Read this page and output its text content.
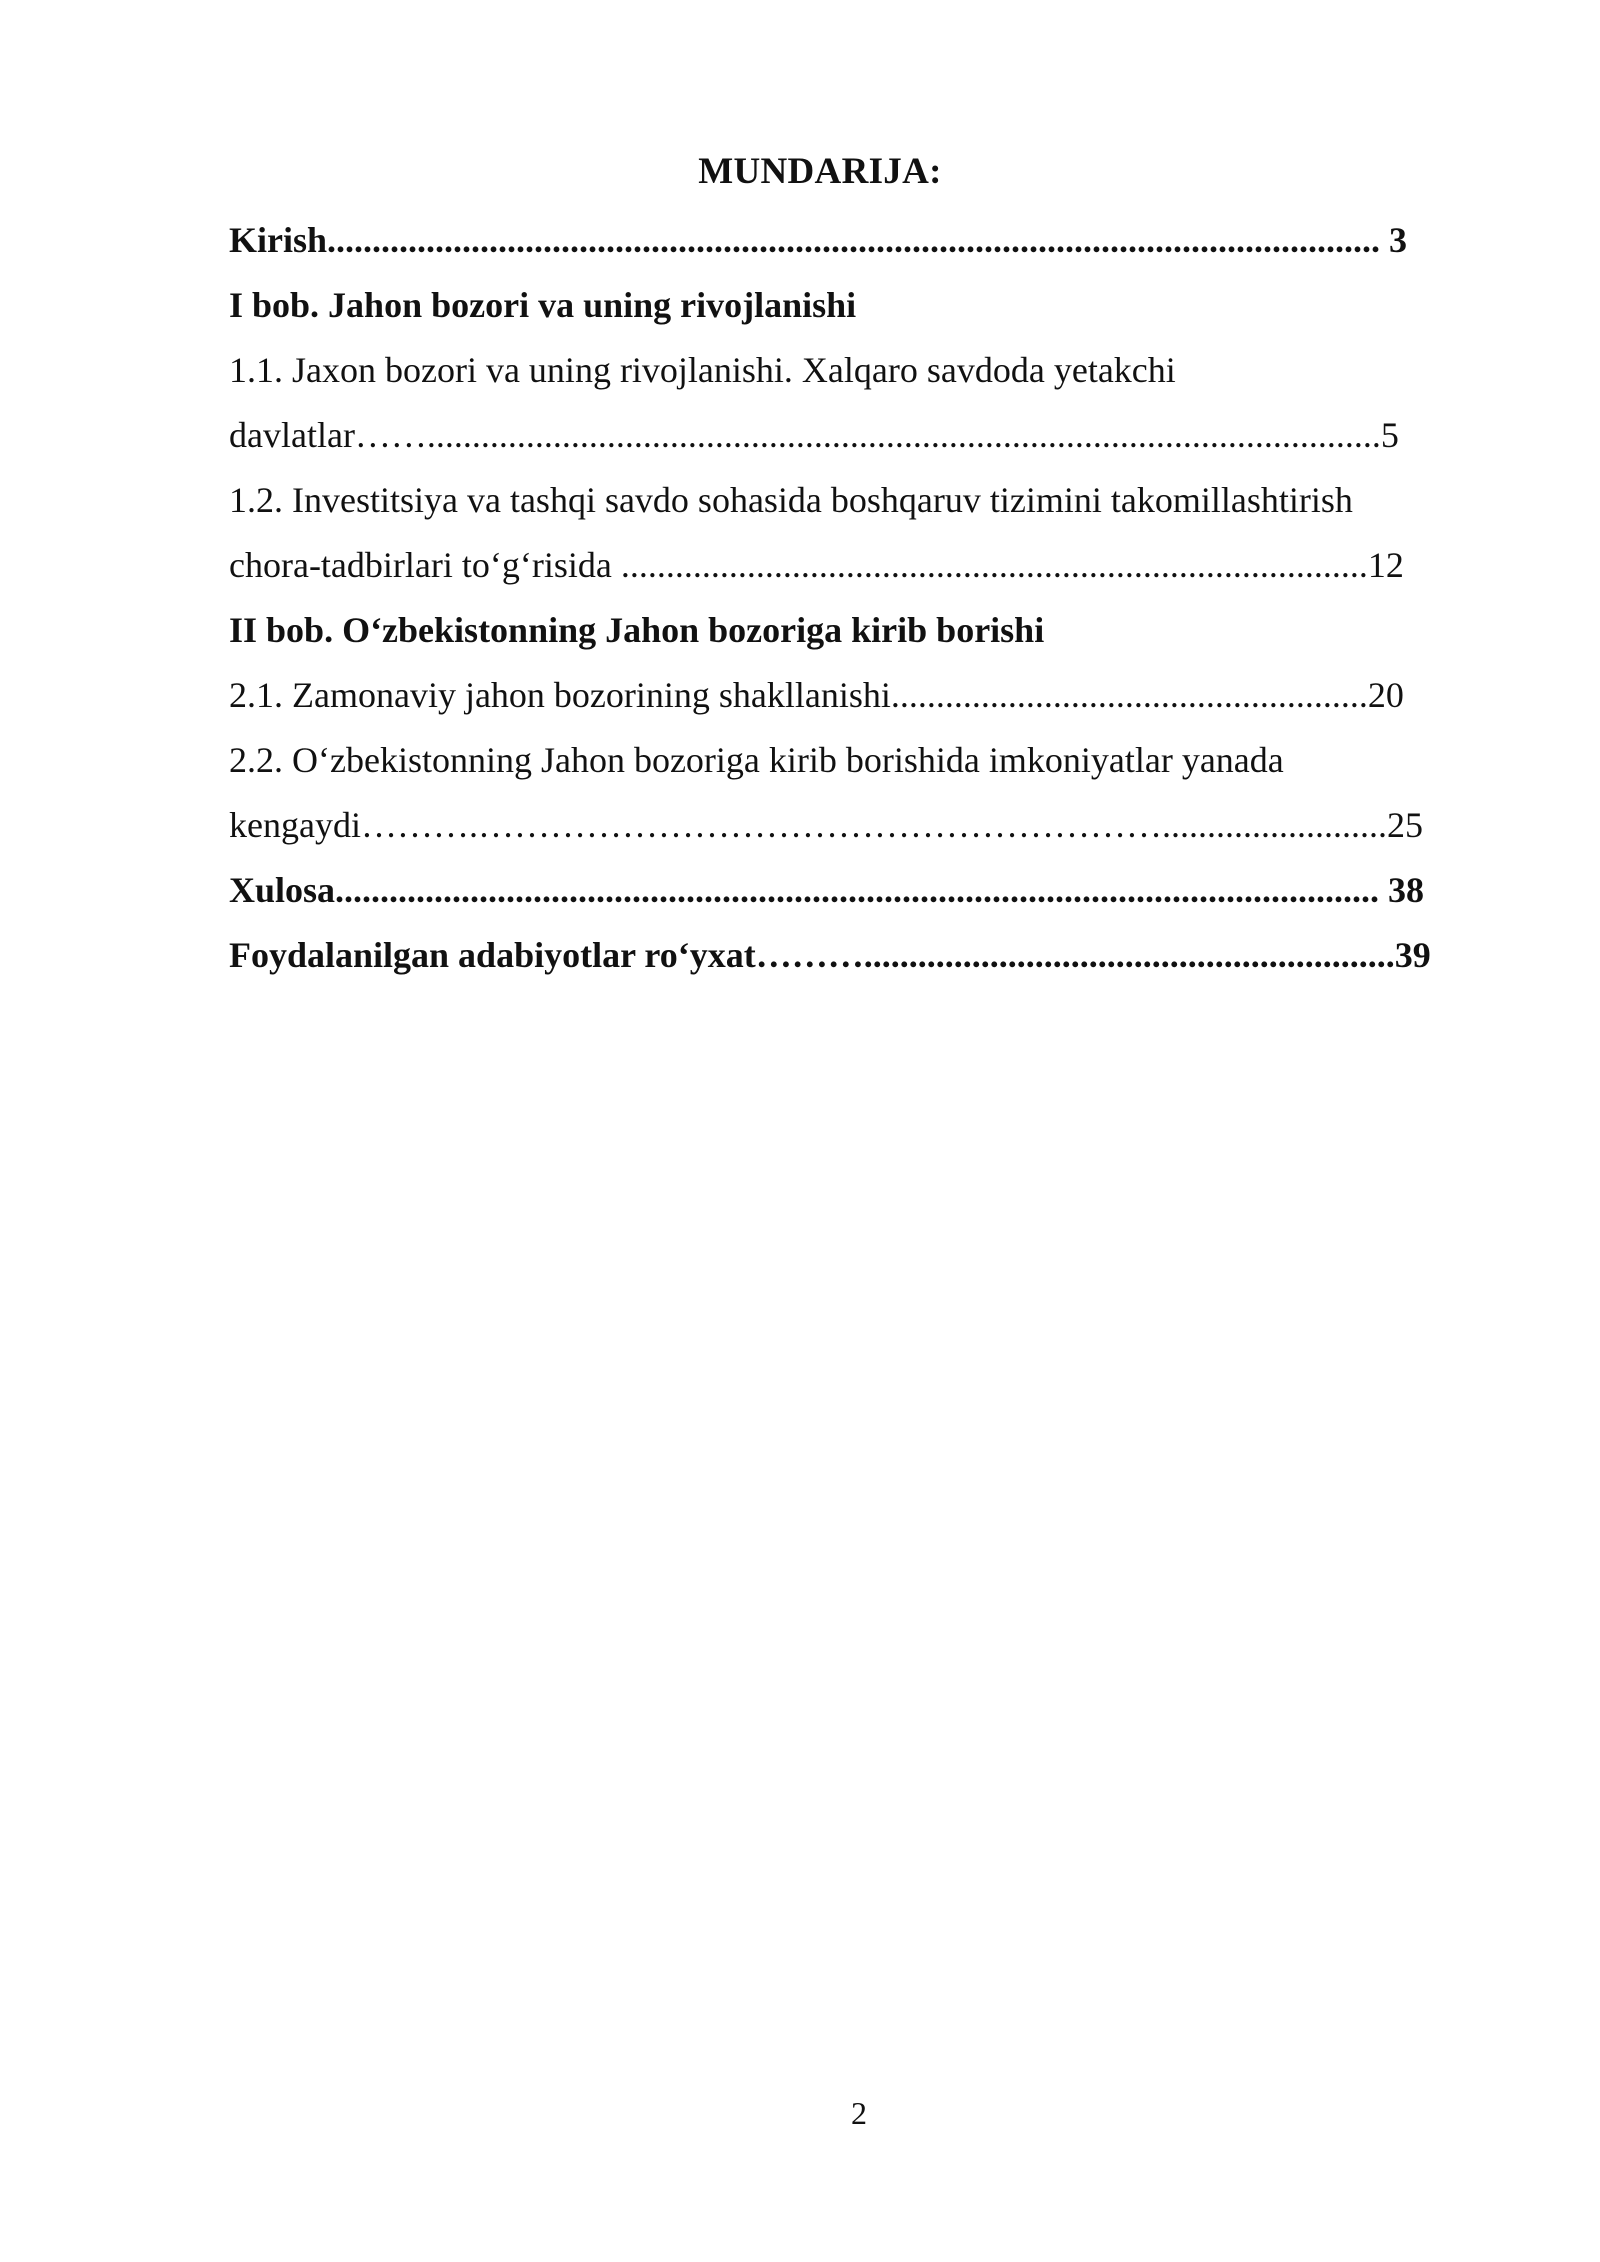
MUNDARIJA:
Kirish..................................................................................................................... 3
I bob. Jahon bozori va uning rivojlanishi
1.1. Jaxon bozori va uning rivojlanishi. Xalqaro savdoda yetakchi
davlatlar……..........................................................................................................5
1.2. Investitsiya va tashqi savdo sohasida boshqaruv tizimini takomillashtirish
chora-tadbirlari to‘g‘risida ...................................................................................12
II bob. O‘zbekistonning Jahon bozoriga kirib borishi
2.1. Zamonaviy jahon bozorining shakllanishi.....................................................20
2.2. O‘zbekistonning Jahon bozoriga kirib borishida imkoniyatlar yanada
kengaydi……….………………………………………………….........................25
Xulosa.................................................................................................................... 38
Foydalanilgan adabiyotlar ro‘yxat………...........................................................39
2
